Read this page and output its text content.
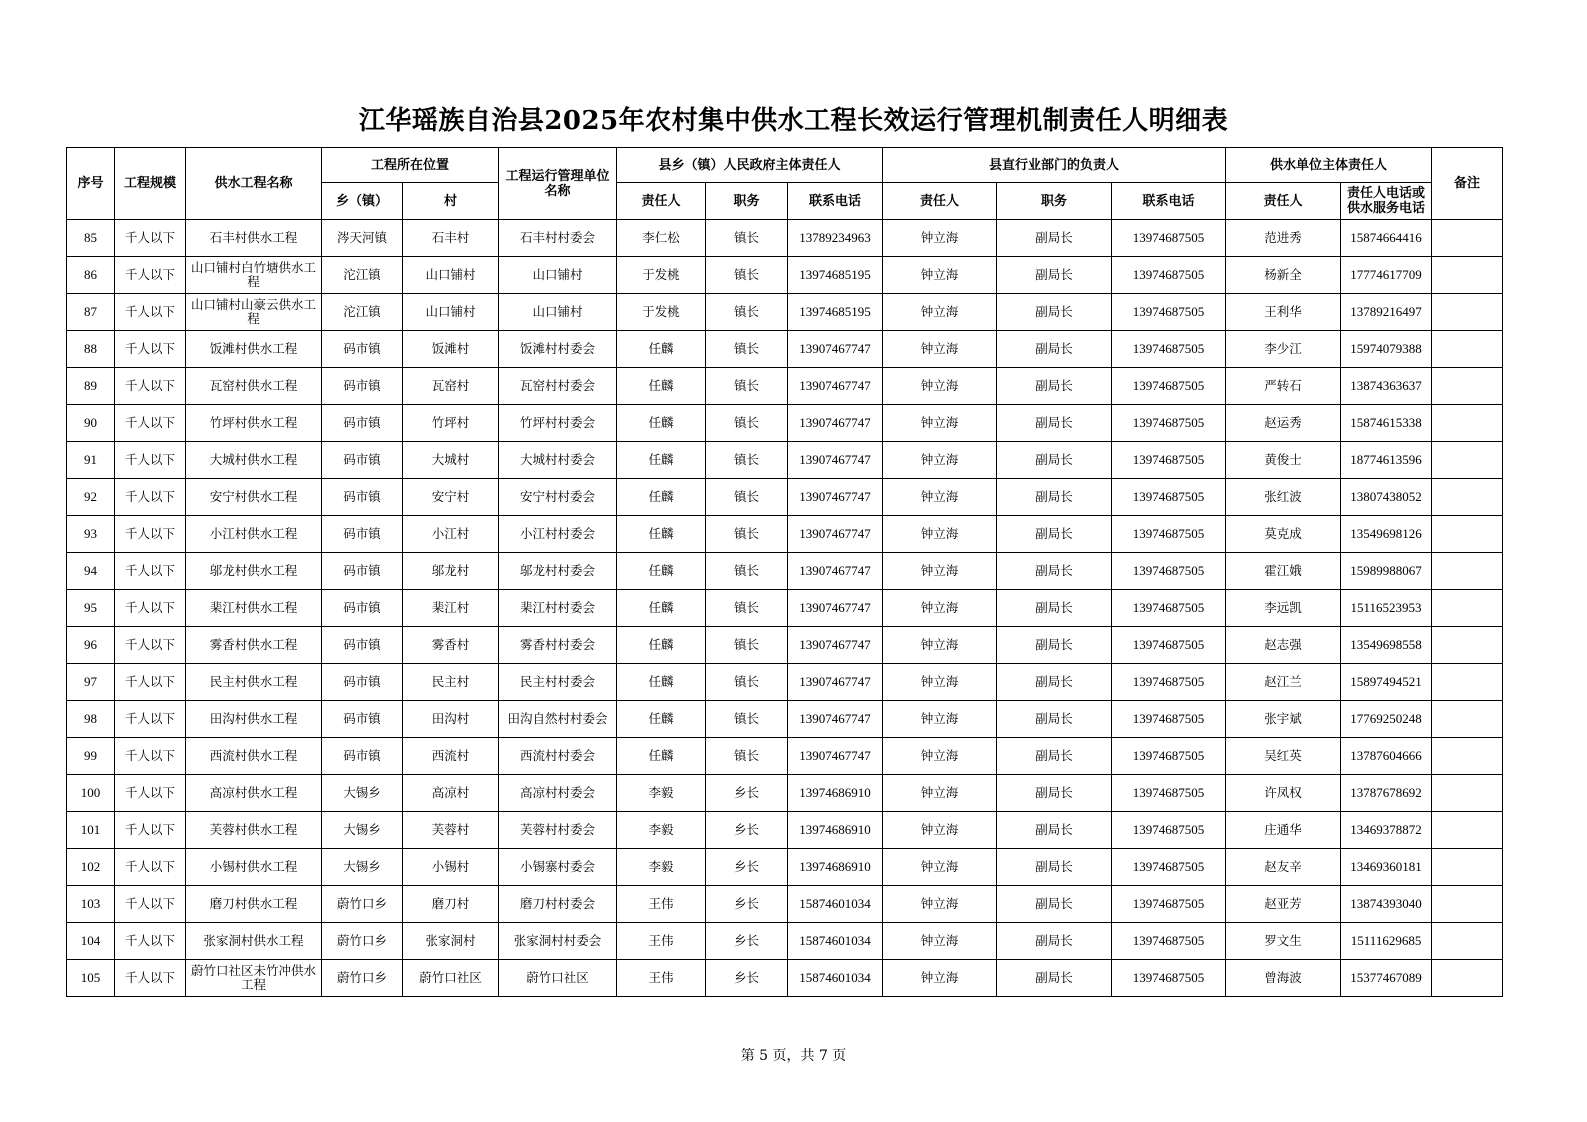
江华瑶族自治县2025年农村集中供水工程长效运行管理机制责任人明细表
序号	工程规模	供水工程名称	工程所在位置		工程运行管理单位名称	县乡（镇）人民政府主体责任人			县直行业部门的负责人			供水单位主体责任人		备注
			乡（镇）	村		责任人	职务	联系电话	责任人	职务	联系电话	责任人	责任人电话或供水服务电话	
85	千人以下	石丰村供水工程	涔天河镇	石丰村	石丰村村委会	李仁松	镇长	13789234963	钟立海	副局长	13974687505	范进秀	15874664416	
86	千人以下	山口铺村白竹塘供水工程	沱江镇	山口铺村	山口铺村	于发桃	镇长	13974685195	钟立海	副局长	13974687505	杨新全	17774617709	
87	千人以下	山口铺村山豪云供水工程	沱江镇	山口铺村	山口铺村	于发桃	镇长	13974685195	钟立海	副局长	13974687505	王利华	13789216497	
88	千人以下	饭滩村供水工程	码市镇	饭滩村	饭滩村村委会	任麟	镇长	13907467747	钟立海	副局长	13974687505	李少江	15974079388	
89	千人以下	瓦窑村供水工程	码市镇	瓦窑村	瓦窑村村委会	任麟	镇长	13907467747	钟立海	副局长	13974687505	严转石	13874363637	
90	千人以下	竹坪村供水工程	码市镇	竹坪村	竹坪村村委会	任麟	镇长	13907467747	钟立海	副局长	13974687505	赵运秀	15874615338	
91	千人以下	大城村供水工程	码市镇	大城村	大城村村委会	任麟	镇长	13907467747	钟立海	副局长	13974687505	黄俊士	18774613596	
92	千人以下	安宁村供水工程	码市镇	安宁村	安宁村村委会	任麟	镇长	13907467747	钟立海	副局长	13974687505	张红波	13807438052	
93	千人以下	小江村供水工程	码市镇	小江村	小江村村委会	任麟	镇长	13907467747	钟立海	副局长	13974687505	莫克成	13549698126	
94	千人以下	邬龙村供水工程	码市镇	邬龙村	邬龙村村委会	任麟	镇长	13907467747	钟立海	副局长	13974687505	霍江娥	15989988067	
95	千人以下	棐江村供水工程	码市镇	棐江村	棐江村村委会	任麟	镇长	13907467747	钟立海	副局长	13974687505	李远凯	15116523953	
96	千人以下	雾香村供水工程	码市镇	雾香村	雾香村村委会	任麟	镇长	13907467747	钟立海	副局长	13974687505	赵志强	13549698558	
97	千人以下	民主村供水工程	码市镇	民主村	民主村村委会	任麟	镇长	13907467747	钟立海	副局长	13974687505	赵江兰	15897494521	
98	千人以下	田沟村供水工程	码市镇	田沟村	田沟自然村村委会	任麟	镇长	13907467747	钟立海	副局长	13974687505	张宇斌	17769250248	
99	千人以下	西流村供水工程	码市镇	西流村	西流村村委会	任麟	镇长	13907467747	钟立海	副局长	13974687505	吴红英	13787604666	
100	千人以下	高凉村供水工程	大锡乡	高凉村	高凉村村委会	李毅	乡长	13974686910	钟立海	副局长	13974687505	许凤权	13787678692	
101	千人以下	芙蓉村供水工程	大锡乡	芙蓉村	芙蓉村村委会	李毅	乡长	13974686910	钟立海	副局长	13974687505	庄通华	13469378872	
102	千人以下	小锡村供水工程	大锡乡	小锡村	小锡寨村委会	李毅	乡长	13974686910	钟立海	副局长	13974687505	赵友辛	13469360181	
103	千人以下	磨刀村供水工程	蔚竹口乡	磨刀村	磨刀村村委会	王伟	乡长	15874601034	钟立海	副局长	13974687505	赵亚芳	13874393040	
104	千人以下	张家洞村供水工程	蔚竹口乡	张家洞村	张家洞村村委会	王伟	乡长	15874601034	钟立海	副局长	13974687505	罗文生	15111629685	
105	千人以下	蔚竹口社区未竹冲供水工程	蔚竹口乡	蔚竹口社区	蔚竹口社区	王伟	乡长	15874601034	钟立海	副局长	13974687505	曾海波	15377467089	
第 5 页，共 7 页
